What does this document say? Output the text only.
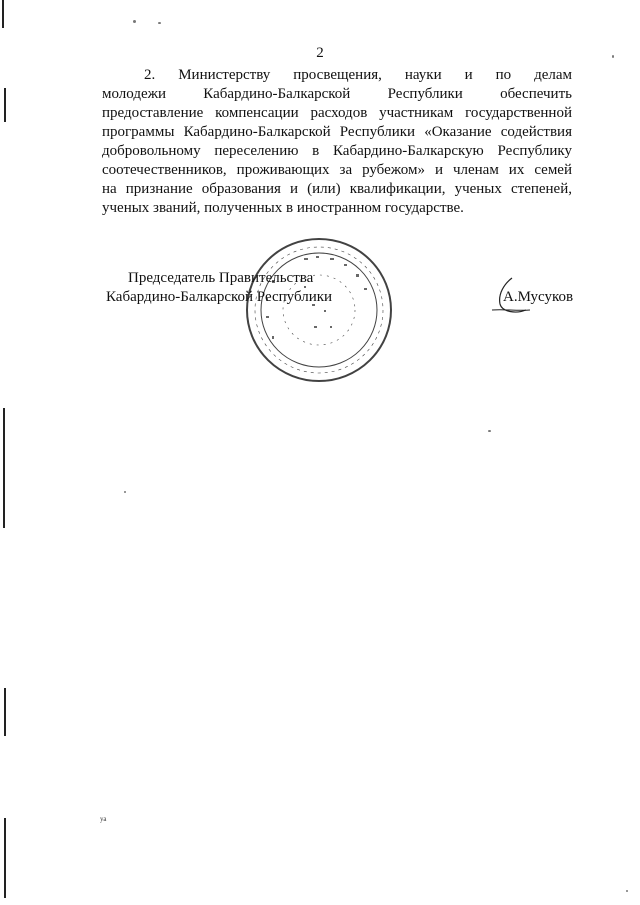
2
2. Министерству просвещения, науки и по делам
молодежи Кабардино-Балкарской Республики обеспечить
предоставление компенсации расходов участникам государственной
программы Кабардино-Балкарской Республики «Оказание содействия
добровольному переселению в Кабардино-Балкарскую Республику
соотечественников, проживающих за рубежом» и членам их семей
на признание образования и (или) квалификации, ученых степеней,
ученых званий, полученных в иностранном государстве.
Председатель Правительства
Кабардино-Балкарской Республики	А.Мусуков
уа
